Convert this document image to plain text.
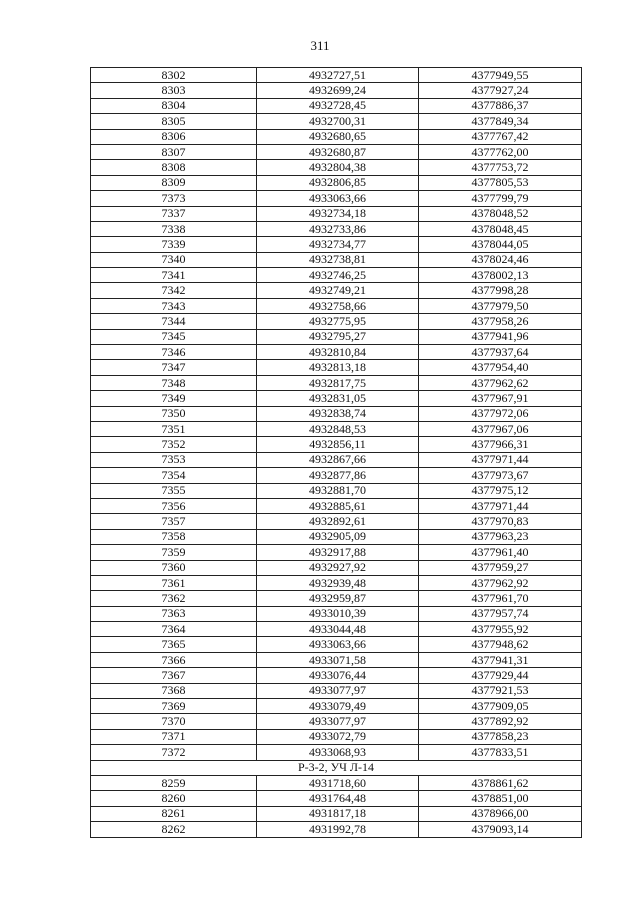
311
8302	4932727,51	4377949,55
8303	4932699,24	4377927,24
8304	4932728,45	4377886,37
8305	4932700,31	4377849,34
8306	4932680,65	4377767,42
8307	4932680,87	4377762,00
8308	4932804,38	4377753,72
8309	4932806,85	4377805,53
7373	4933063,66	4377799,79
7337	4932734,18	4378048,52
7338	4932733,86	4378048,45
7339	4932734,77	4378044,05
7340	4932738,81	4378024,46
7341	4932746,25	4378002,13
7342	4932749,21	4377998,28
7343	4932758,66	4377979,50
7344	4932775,95	4377958,26
7345	4932795,27	4377941,96
7346	4932810,84	4377937,64
7347	4932813,18	4377954,40
7348	4932817,75	4377962,62
7349	4932831,05	4377967,91
7350	4932838,74	4377972,06
7351	4932848,53	4377967,06
7352	4932856,11	4377966,31
7353	4932867,66	4377971,44
7354	4932877,86	4377973,67
7355	4932881,70	4377975,12
7356	4932885,61	4377971,44
7357	4932892,61	4377970,83
7358	4932905,09	4377963,23
7359	4932917,88	4377961,40
7360	4932927,92	4377959,27
7361	4932939,48	4377962,92
7362	4932959,87	4377961,70
7363	4933010,39	4377957,74
7364	4933044,48	4377955,92
7365	4933063,66	4377948,62
7366	4933071,58	4377941,31
7367	4933076,44	4377929,44
7368	4933077,97	4377921,53
7369	4933079,49	4377909,05
7370	4933077,97	4377892,92
7371	4933072,79	4377858,23
7372	4933068,93	4377833,51
Р-3-2, УЧ Л-14		
8259	4931718,60	4378861,62
8260	4931764,48	4378851,00
8261	4931817,18	4378966,00
8262	4931992,78	4379093,14
